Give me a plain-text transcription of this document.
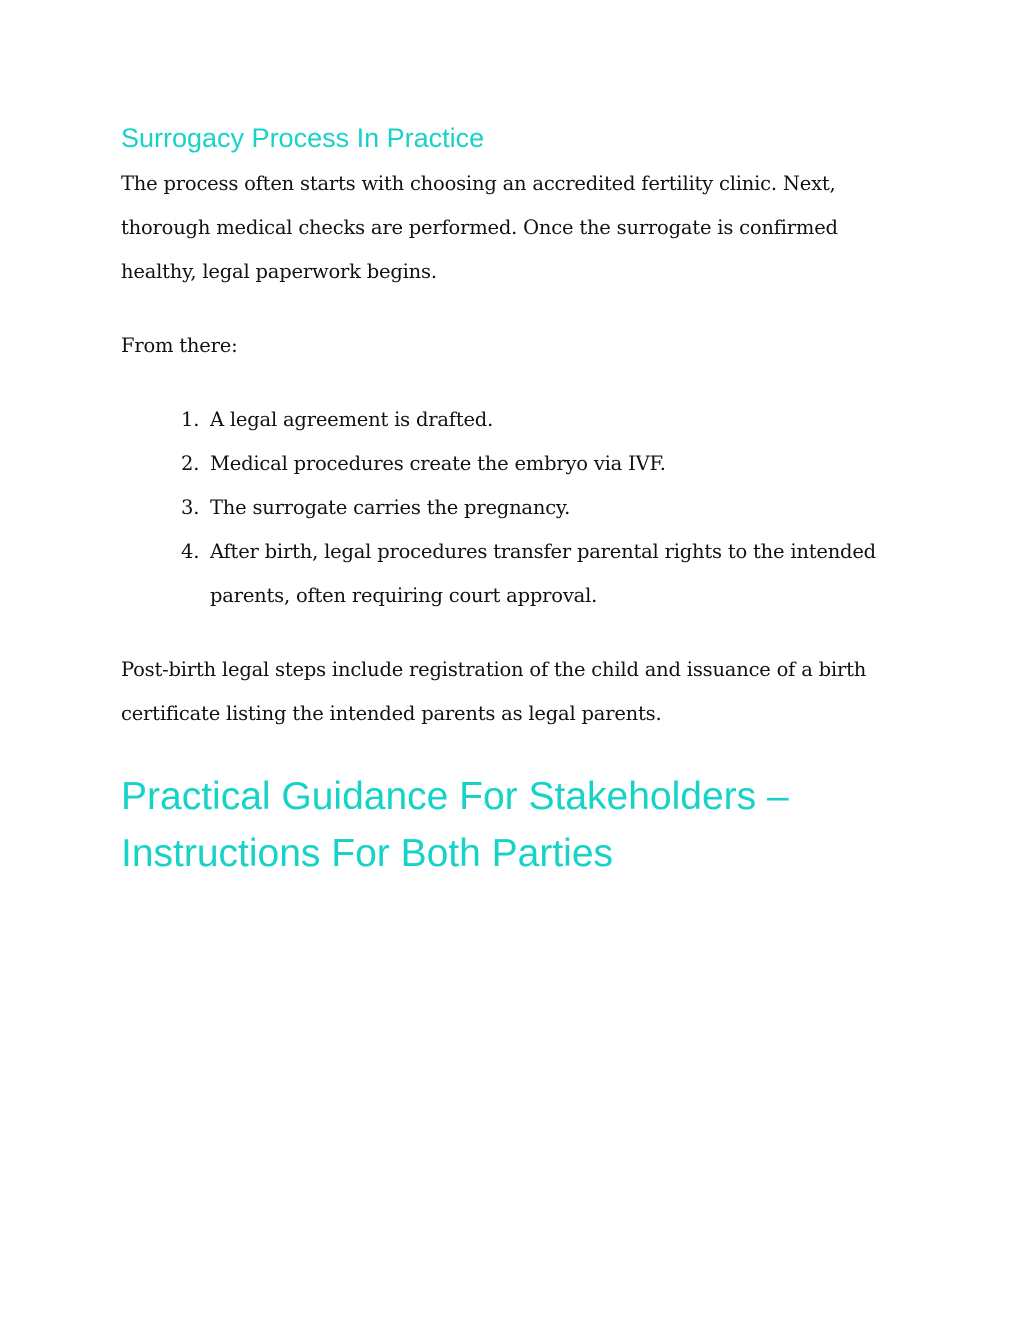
Surrogacy Process In Practice

The process often starts with choosing an accredited fertility clinic. Next, thorough medical checks are performed. Once the surrogate is confirmed healthy, legal paperwork begins.

From there:

1. A legal agreement is drafted.
2. Medical procedures create the embryo via IVF.
3. The surrogate carries the pregnancy.
4. After birth, legal procedures transfer parental rights to the intended parents, often requiring court approval.

Post-birth legal steps include registration of the child and issuance of a birth certificate listing the intended parents as legal parents.

Practical Guidance For Stakeholders – Instructions For Both Parties
